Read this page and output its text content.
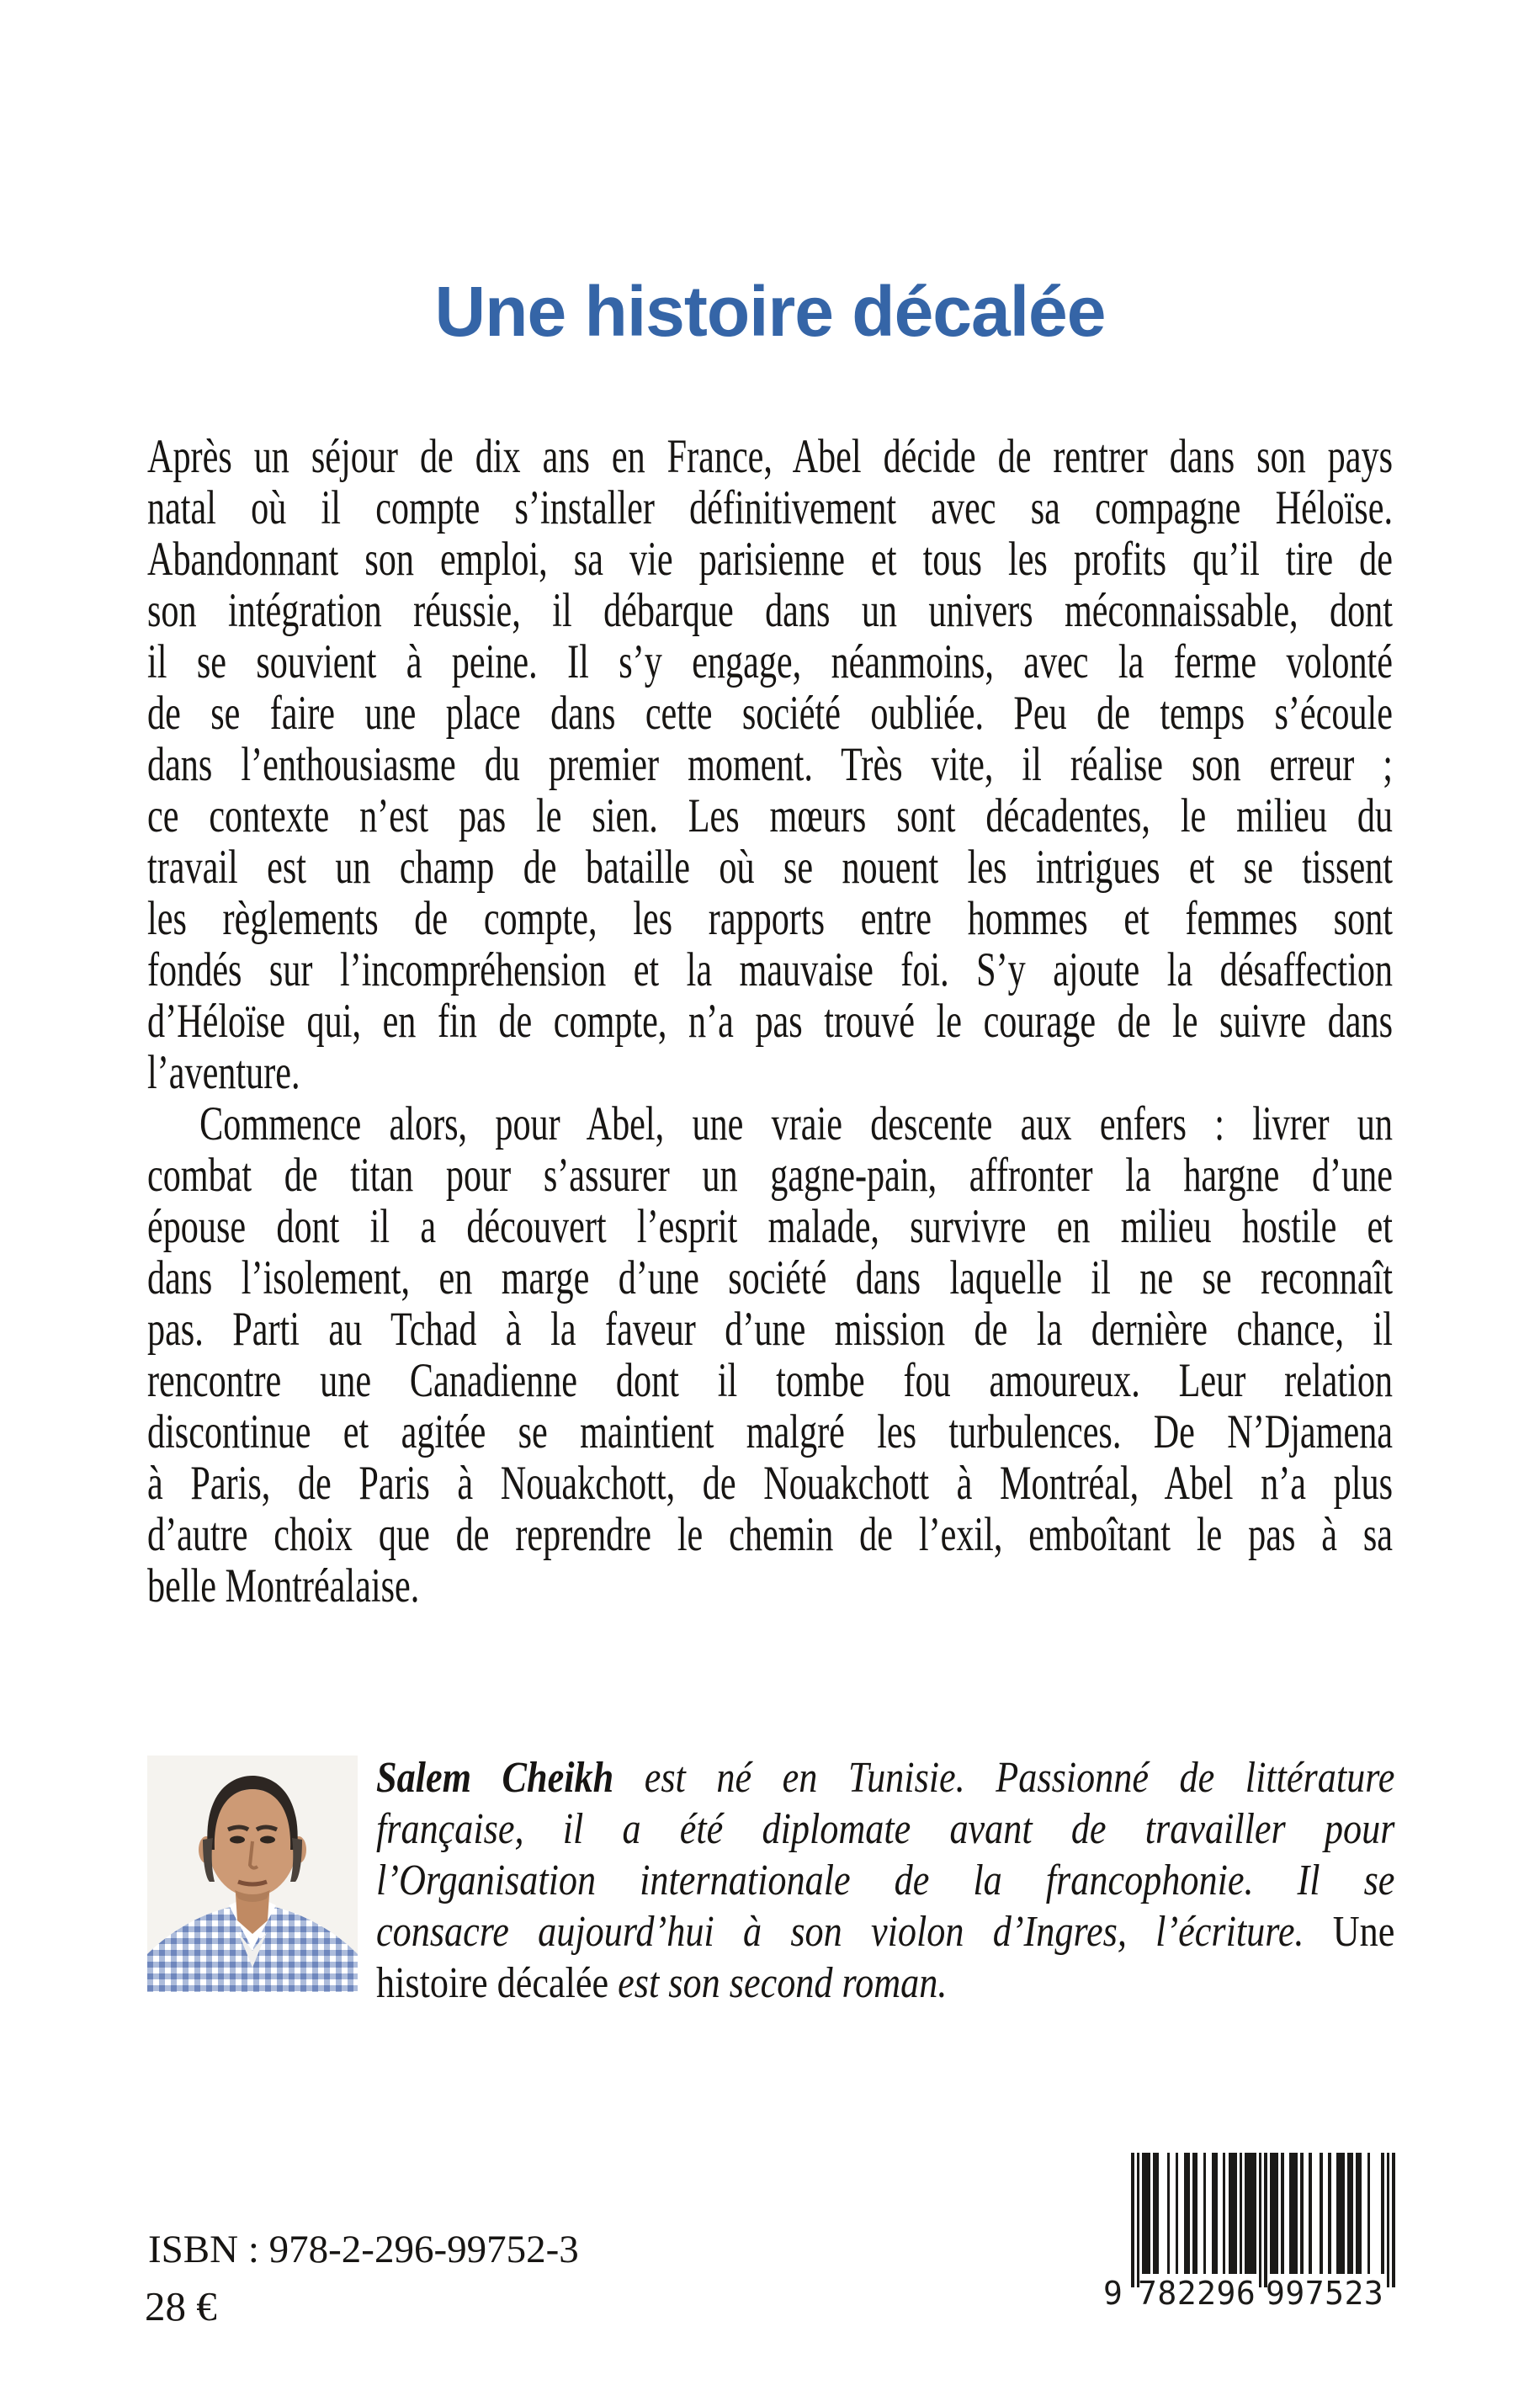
Une histoire décalée
Après un séjour de dix ans en France, Abel décide de rentrer dans son pays
natal où il compte s’installer définitivement avec sa compagne Héloïse.
Abandonnant son emploi, sa vie parisienne et tous les profits qu’il tire de
son intégration réussie, il débarque dans un univers méconnaissable, dont
il se souvient à peine. Il s’y engage, néanmoins, avec la ferme volonté
de se faire une place dans cette société oubliée. Peu de temps s’écoule
dans l’enthousiasme du premier moment. Très vite, il réalise son erreur ;
ce contexte n’est pas le sien. Les mœurs sont décadentes, le milieu du
travail est un champ de bataille où se nouent les intrigues et se tissent
les règlements de compte, les rapports entre hommes et femmes sont
fondés sur l’incompréhension et la mauvaise foi. S’y ajoute la désaffection
d’Héloïse qui, en fin de compte, n’a pas trouvé le courage de le suivre dans
l’aventure.
Commence alors, pour Abel, une vraie descente aux enfers : livrer un
combat de titan pour s’assurer un gagne-pain, affronter la hargne d’une
épouse dont il a découvert l’esprit malade, survivre en milieu hostile et
dans l’isolement, en marge d’une société dans laquelle il ne se reconnaît
pas. Parti au Tchad à la faveur d’une mission de la dernière chance, il
rencontre une Canadienne dont il tombe fou amoureux. Leur relation
discontinue et agitée se maintient malgré les turbulences. De N’Djamena
à Paris, de Paris à Nouakchott, de Nouakchott à Montréal, Abel n’a plus
d’autre choix que de reprendre le chemin de l’exil, emboîtant le pas à sa
belle Montréalaise.
Salem Cheikh est né en Tunisie. Passionné de littérature
française, il a été diplomate avant de travailler pour
l’Organisation internationale de la francophonie. Il se
consacre aujourd’hui à son violon d’Ingres, l’écriture. Une
histoire décalée est son second roman.
ISBN : 978-2-296-99752-3
28 €	9 782296 997523
